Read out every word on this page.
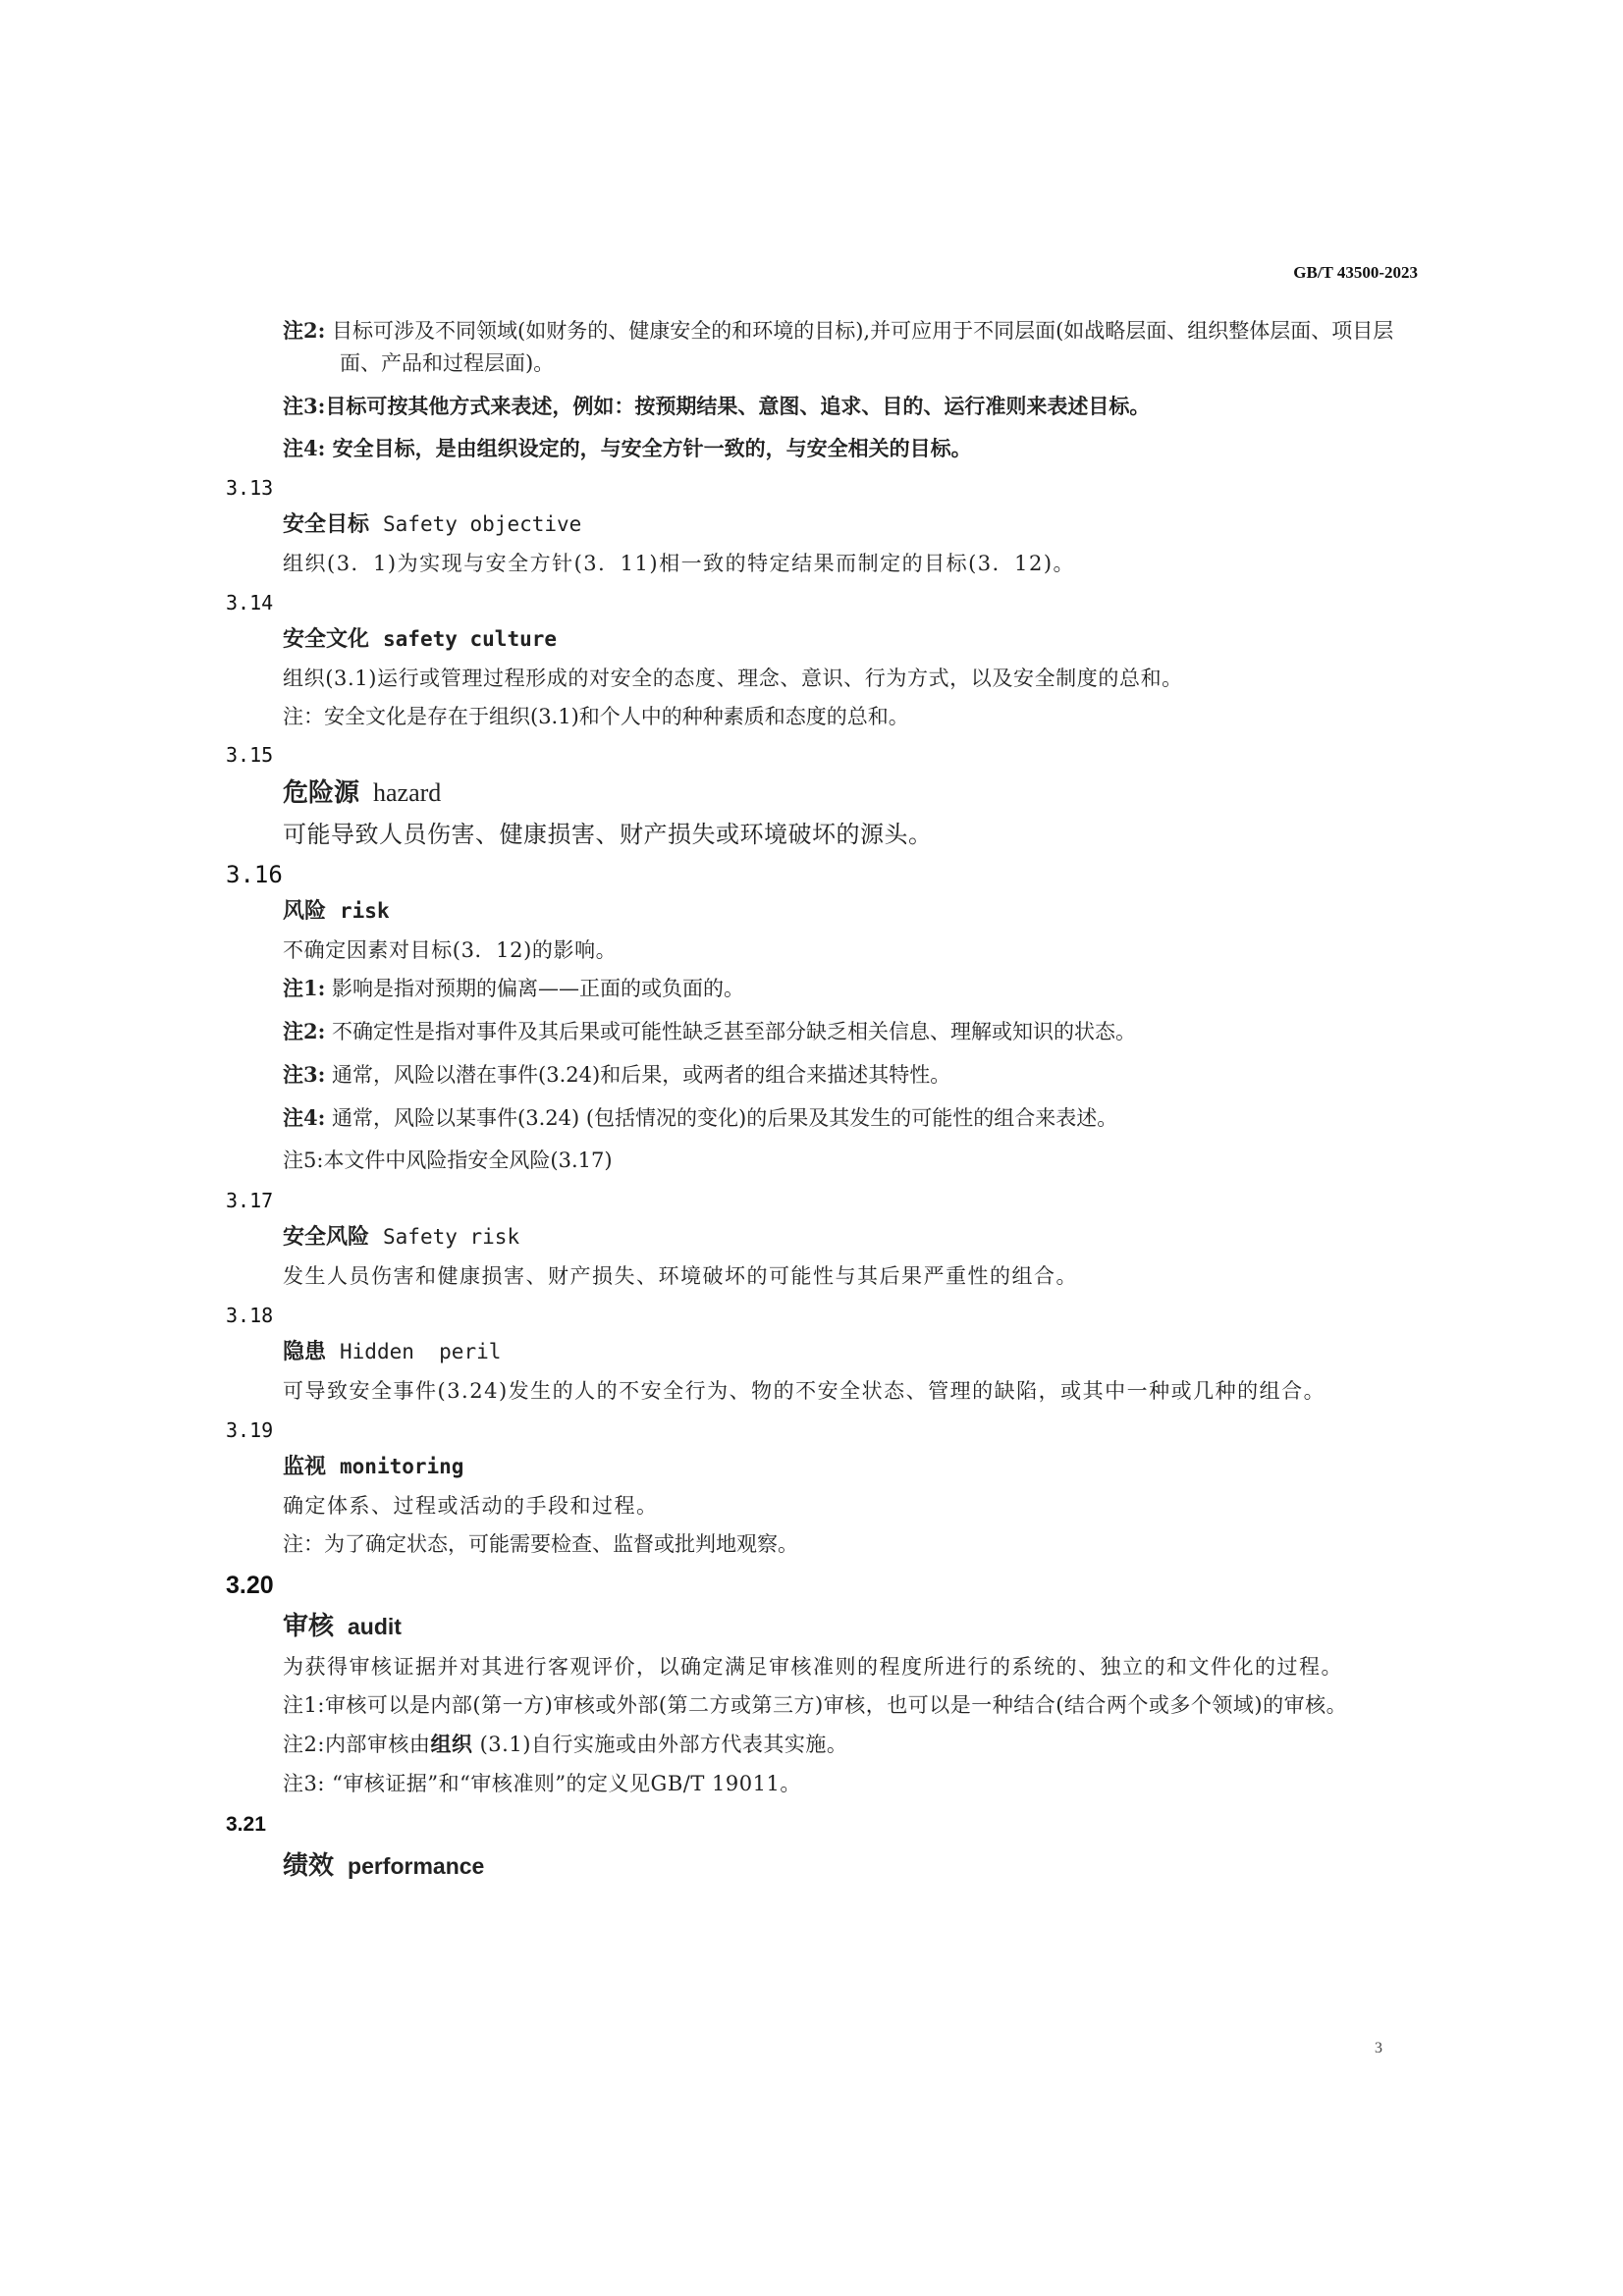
GB/T 43500-2023

注2: 目标可涉及不同领域(如财务的、健康安全的和环境的目标),并可应用于不同层面(如战略层面、组织整体层面、项目层面、产品和过程层面)。

注3:目标可按其他方式来表述，例如：按预期结果、意图、追求、目的、运行准则来表述目标。

注4: 安全目标，是由组织设定的，与安全方针一致的，与安全相关的目标。

3.13
安全目标 Safety objective

组织(3．1)为实现与安全方针(3．11)相一致的特定结果而制定的目标(3．12)。

3.14
安全文化 safety culture

组织(3.1)运行或管理过程形成的对安全的态度、理念、意识、行为方式，以及安全制度的总和。

注：安全文化是存在于组织(3.1)和个人中的种种素质和态度的总和。

3.15
危险源 hazard

可能导致人员伤害、健康损害、财产损失或环境破坏的源头。

3.16
风险 risk

不确定因素对目标(3．12)的影响。

注1: 影响是指对预期的偏离——正面的或负面的。

注2: 不确定性是指对事件及其后果或可能性缺乏甚至部分缺乏相关信息、理解或知识的状态。

注3: 通常，风险以潜在事件(3.24)和后果，或两者的组合来描述其特性。

注4: 通常，风险以某事件(3.24) (包括情况的变化)的后果及其发生的可能性的组合来表述。

注5:本文件中风险指安全风险(3.17)

3.17
安全风险 Safety risk

发生人员伤害和健康损害、财产损失、环境破坏的可能性与其后果严重性的组合。

3.18
隐患 Hidden  peril

可导致安全事件(3.24)发生的人的不安全行为、物的不安全状态、管理的缺陷，或其中一种或几种的组合。

3.19
监视 monitoring

确定体系、过程或活动的手段和过程。

注：为了确定状态，可能需要检查、监督或批判地观察。

3.20
审核 audit

为获得审核证据并对其进行客观评价，以确定满足审核准则的程度所进行的系统的、独立的和文件化的过程。

注1:审核可以是内部(第一方)审核或外部(第二方或第三方)审核，也可以是一种结合(结合两个或多个领域)的审核。

注2:内部审核由组织 (3.1)自行实施或由外部方代表其实施。

注3: “审核证据”和“审核准则”的定义见GB/T 19011。

3.21
绩效 performance
3
